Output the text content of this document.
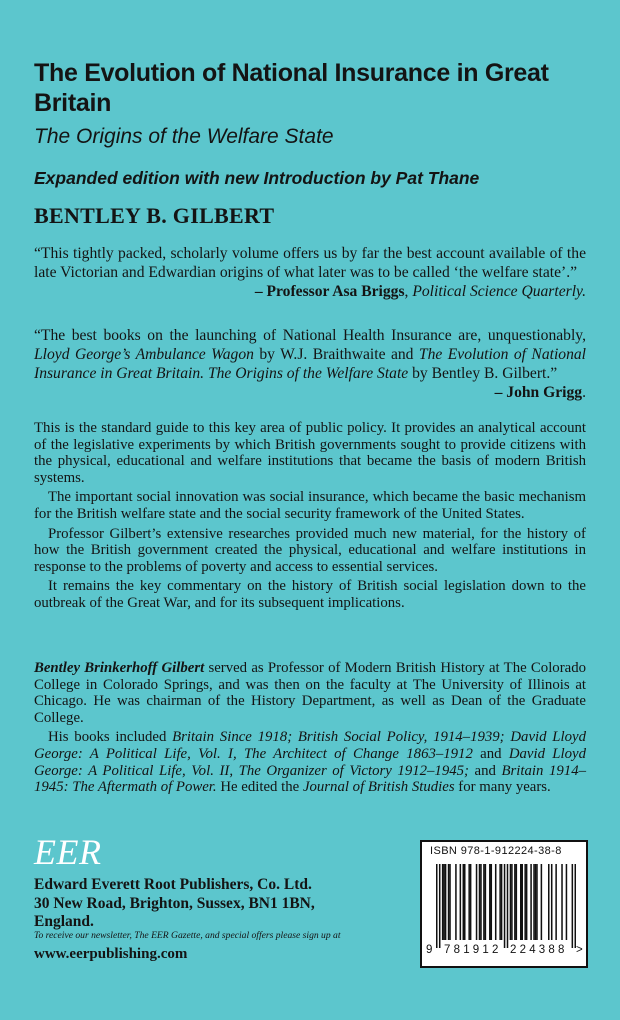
The Evolution of National Insurance in Great Britain
The Origins of the Welfare State
Expanded edition with new Introduction by Pat Thane
BENTLEY B. GILBERT
“This tightly packed, scholarly volume offers us by far the best account available of the late Victorian and Edwardian origins of what later was to be called ‘the welfare state’.”
– Professor Asa Briggs, Political Science Quarterly.
“The best books on the launching of National Health Insurance are, unquestionably, Lloyd George’s Ambulance Wagon by W.J. Braithwaite and The Evolution of National Insurance in Great Britain. The Origins of the Welfare State by Bentley B. Gilbert.”
– John Grigg.

This is the standard guide to this key area of public policy. It provides an analytical account of the legislative experiments by which British governments sought to provide citizens with the physical, educational and welfare institutions that became the basis of modern British systems.

The important social innovation was social insurance, which became the basic mechanism for the British welfare state and the social security framework of the United States.

Professor Gilbert’s extensive researches provided much new material, for the history of how the British government created the physical, educational and welfare institutions in response to the problems of poverty and access to essential services.

It remains the key commentary on the history of British social legislation down to the outbreak of the Great War, and for its subsequent implications.

Bentley Brinkerhoff Gilbert served as Professor of Modern British History at The Colorado College in Colorado Springs, and was then on the faculty at The University of Illinois at Chicago. He was chairman of the History Department, as well as Dean of the Graduate College.

His books included Britain Since 1918; British Social Policy, 1914–1939; David Lloyd George: A Political Life, Vol. I, The Architect of Change 1863–1912 and David Lloyd George: A Political Life, Vol. II, The Organizer of Victory 1912–1945; and Britain 1914–1945: The Aftermath of Power. He edited the Journal of British Studies for many years.

EER
Edward Everett Root Publishers, Co. Ltd.
30 New Road, Brighton, Sussex, BN1 1BN,
England.
To receive our newsletter, The EER Gazette, and special offers please sign up at
www.eerpublishing.com
ISBN 978-1-912224-38-8
9 781912 224388 >
